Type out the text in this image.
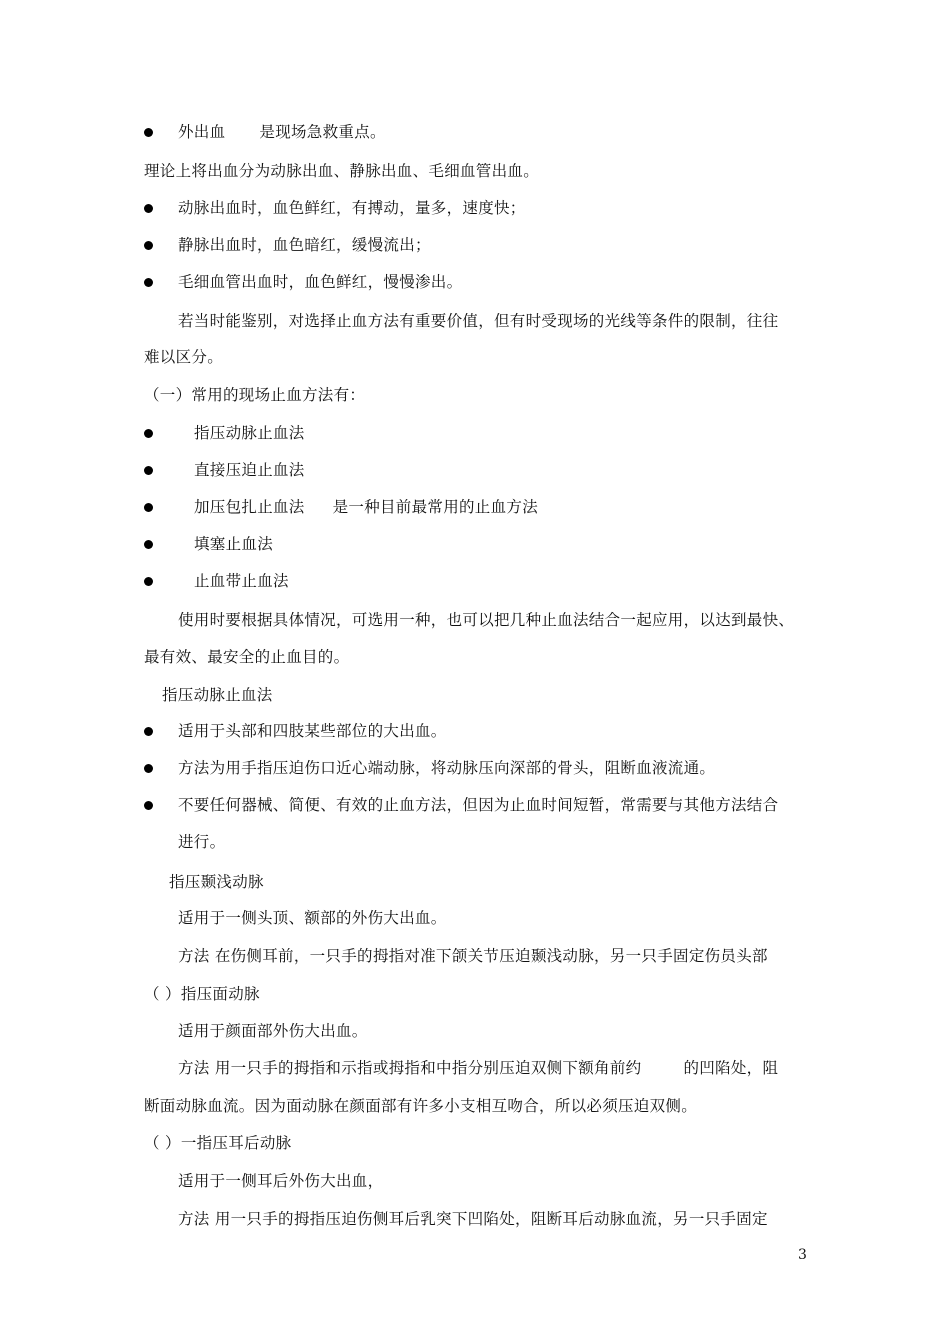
外出血 是现场急救重点。
理论上将出血分为动脉出血、静脉出血、毛细血管出血。
动脉出血时，血色鲜红，有搏动，量多，速度快；
静脉出血时，血色暗红，缓慢流出；
毛细血管出血时，血色鲜红，慢慢渗出。
若当时能鉴别，对选择止血方法有重要价值，但有时受现场的光线等条件的限制，往往
难以区分。
（一）常用的现场止血方法有：
指压动脉止血法
直接压迫止血法
加压包扎止血法 是一种目前最常用的止血方法
填塞止血法
止血带止血法
使用时要根据具体情况，可选用一种，也可以把几种止血法结合一起应用，以达到最快、
最有效、最安全的止血目的。
指压动脉止血法
适用于头部和四肢某些部位的大出血。
方法为用手指压迫伤口近心端动脉，将动脉压向深部的骨头，阻断血液流通。
不要任何器械、简便、有效的止血方法，但因为止血时间短暂，常需要与其他方法结合
进行。
指压颞浅动脉
适用于一侧头顶、额部的外伤大出血。
方法 在伤侧耳前，一只手的拇指对准下颌关节压迫颞浅动脉，另一只手固定伤员头部
（ ）指压面动脉
适用于颜面部外伤大出血。
方法 用一只手的拇指和示指或拇指和中指分别压迫双侧下额角前约	的凹陷处，阻
断面动脉血流。因为面动脉在颜面部有许多小支相互吻合，所以必须压迫双侧。
（ ）一指压耳后动脉
适用于一侧耳后外伤大出血，
方法 用一只手的拇指压迫伤侧耳后乳突下凹陷处，阻断耳后动脉血流，另一只手固定
3
